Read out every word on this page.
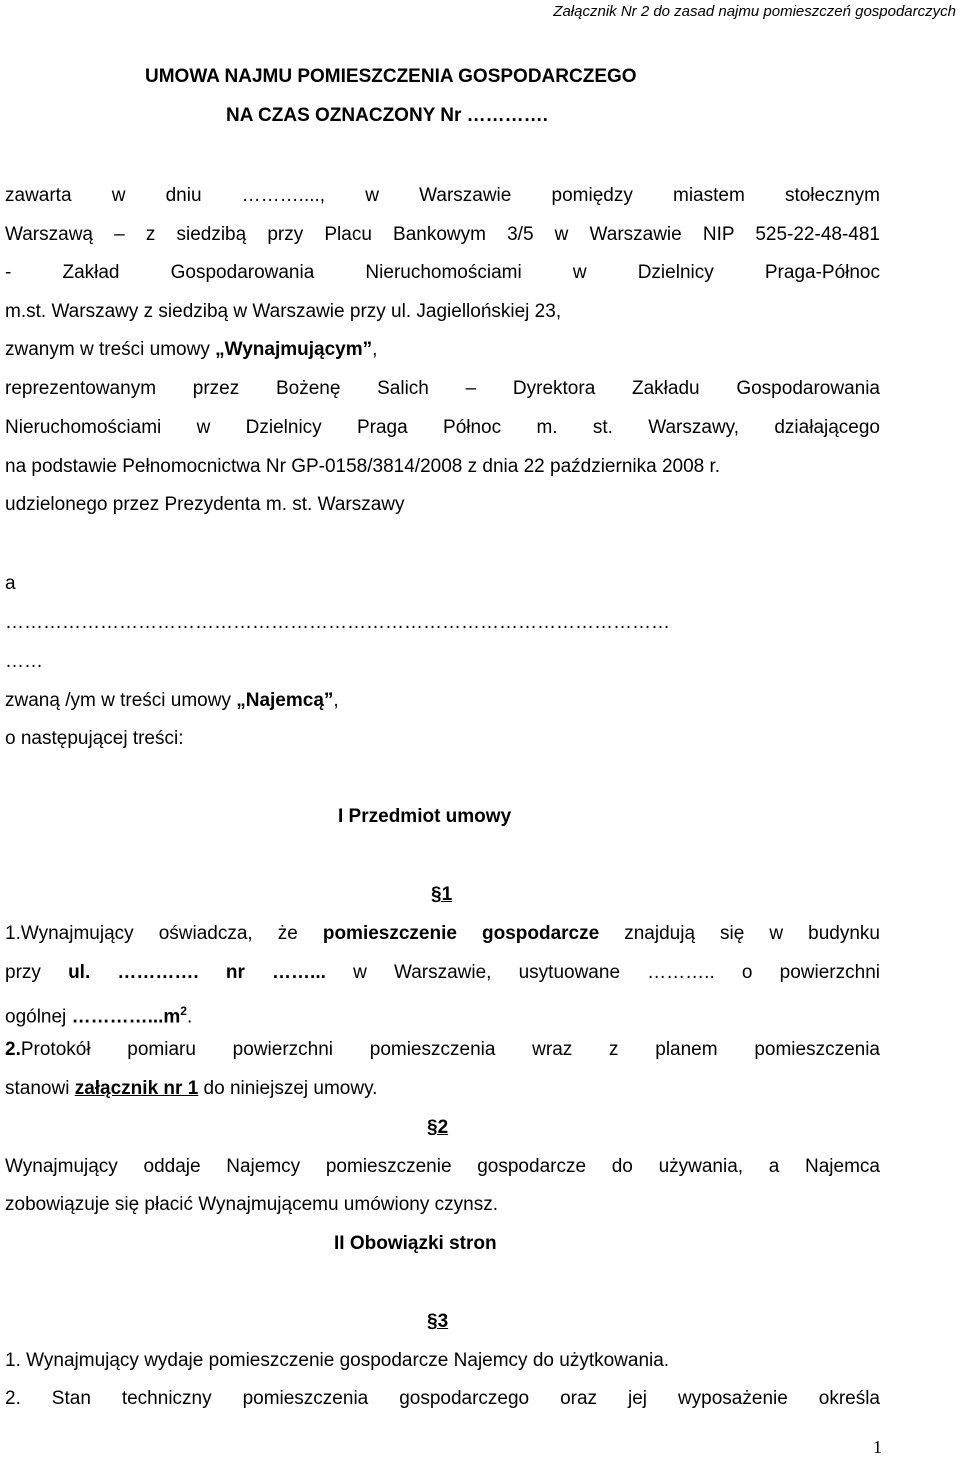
Załącznik Nr 2 do zasad najmu pomieszczeń gospodarczych
UMOWA NAJMU POMIESZCZENIA GOSPODARCZEGO
NA CZAS OZNACZONY Nr ………….
zawarta w dniu ………...., w Warszawie pomiędzy miastem stołecznym
Warszawą – z siedzibą przy Placu Bankowym 3/5 w Warszawie NIP 525-22-48-481
- Zakład Gospodarowania Nieruchomościami w Dzielnicy Praga-Północ
m.st. Warszawy z siedzibą w Warszawie przy ul. Jagiellońskiej 23,
zwanym w treści umowy „Wynajmującym”,
reprezentowanym przez Bożenę Salich – Dyrektora Zakładu Gospodarowania
Nieruchomościami w Dzielnicy Praga Północ m. st. Warszawy, działającego
na podstawie Pełnomocnictwa Nr GP-0158/3814/2008 z dnia 22 października 2008 r.
udzielonego przez Prezydenta m. st. Warszawy
a
……………………………………………………………………………………………
……
zwaną /ym w treści umowy „Najemcą”,
o następującej treści:
I Przedmiot umowy
§1
1.Wynajmujący oświadcza, że pomieszczenie gospodarcze znajdują się w budynku
przy ul. …………. nr ……... w Warszawie, usytuowane ……….. o powierzchni
ogólnej $\dots\dots\dots\dots...m^2$.
2.Protokół pomiaru powierzchni pomieszczenia wraz z planem pomieszczenia
stanowi załącznik nr 1 do niniejszej umowy.
§2
Wynajmujący oddaje Najemcy pomieszczenie gospodarcze do używania, a Najemca
zobowiązuje się płacić Wynajmującemu umówiony czynsz.
II Obowiązki stron
§3
1. Wynajmujący wydaje pomieszczenie gospodarcze Najemcy do użytkowania.
2. Stan techniczny pomieszczenia gospodarczego oraz jej wyposażenie określa
1
